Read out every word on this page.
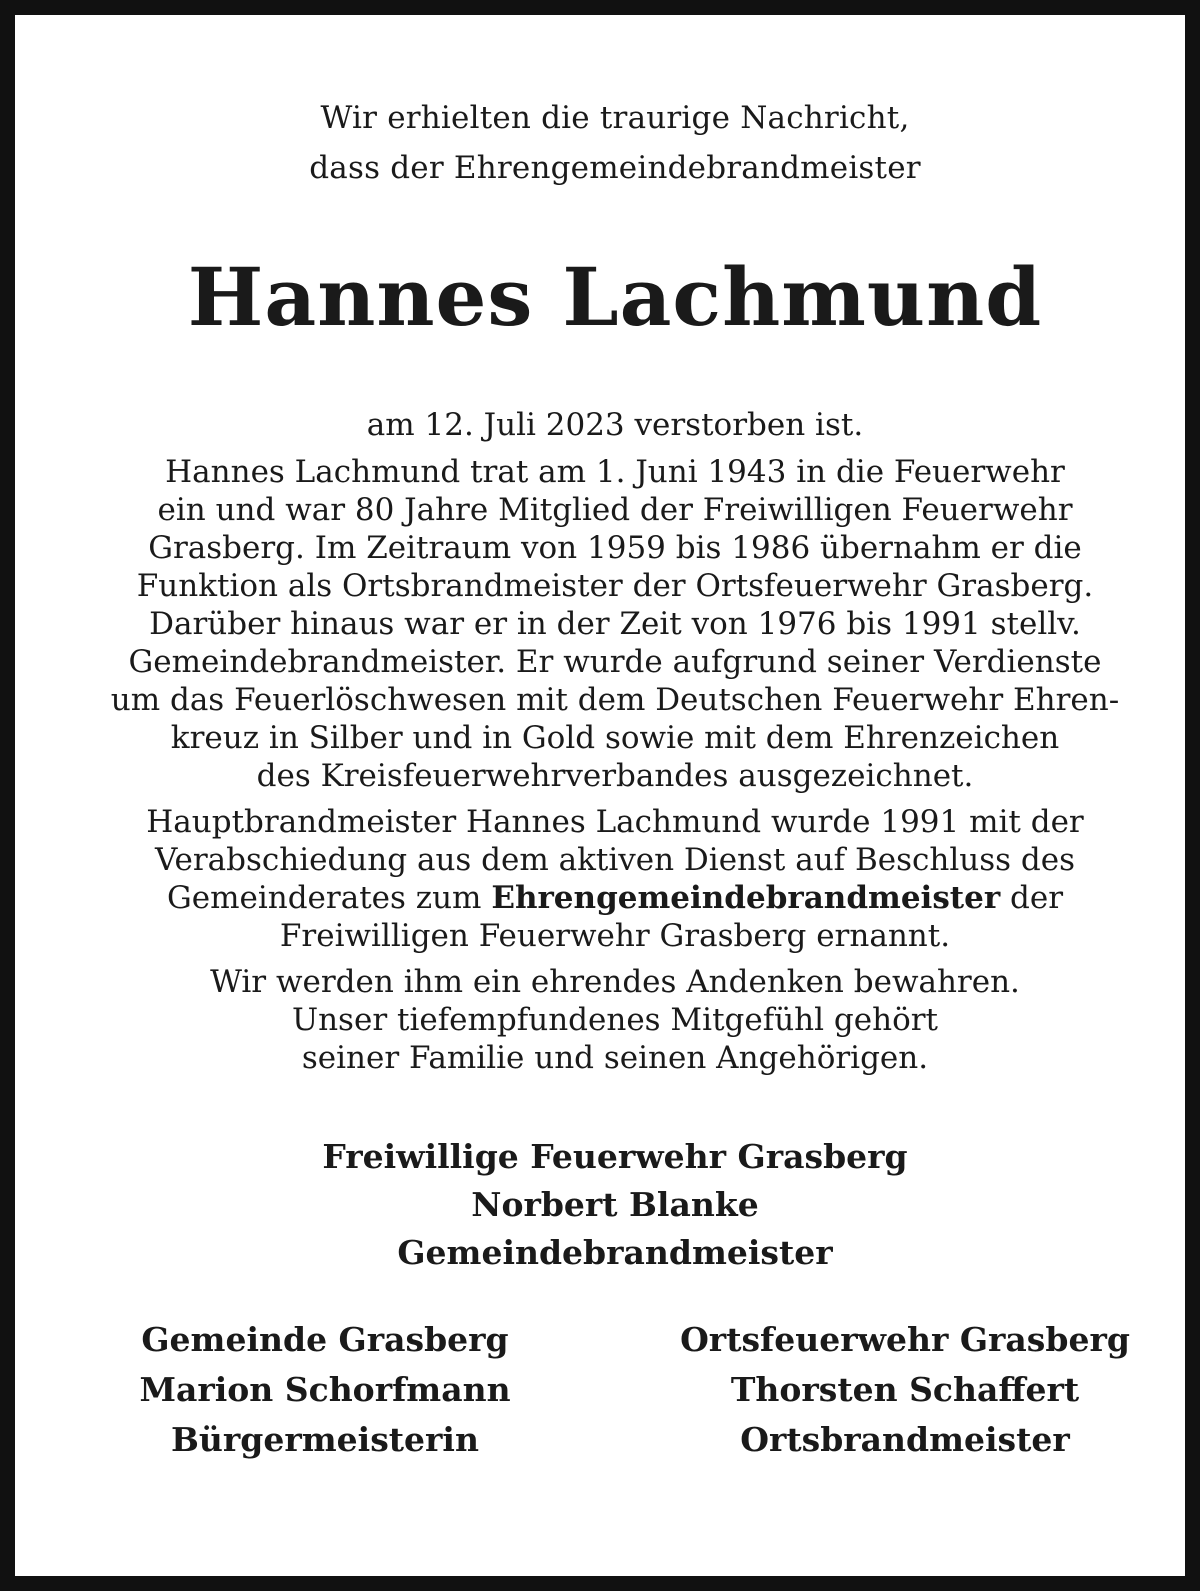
Wir erhielten die traurige Nachricht,
dass der Ehrengemeindebrandmeister
Hannes Lachmund
am 12. Juli 2023 verstorben ist.
Hannes Lachmund trat am 1. Juni 1943 in die Feuerwehr
ein und war 80 Jahre Mitglied der Freiwilligen Feuerwehr
Grasberg. Im Zeitraum von 1959 bis 1986 übernahm er die
Funktion als Ortsbrandmeister der Ortsfeuerwehr Grasberg.
Darüber hinaus war er in der Zeit von 1976 bis 1991 stellv.
Gemeindebrandmeister. Er wurde aufgrund seiner Verdienste
um das Feuerlöschwesen mit dem Deutschen Feuerwehr Ehren-
kreuz in Silber und in Gold sowie mit dem Ehrenzeichen
des Kreisfeuerwehrverbandes ausgezeichnet.
Hauptbrandmeister Hannes Lachmund wurde 1991 mit der
Verabschiedung aus dem aktiven Dienst auf Beschluss des
Gemeinderates zum Ehrengemeindebrandmeister der
Freiwilligen Feuerwehr Grasberg ernannt.
Wir werden ihm ein ehrendes Andenken bewahren.
Unser tiefempfundenes Mitgefühl gehört
seiner Familie und seinen Angehörigen.
Freiwillige Feuerwehr Grasberg
Norbert Blanke
Gemeindebrandmeister
Gemeinde Grasberg
Marion Schorfmann
Bürgermeisterin
Ortsfeuerwehr Grasberg
Thorsten Schaffert
Ortsbrandmeister
